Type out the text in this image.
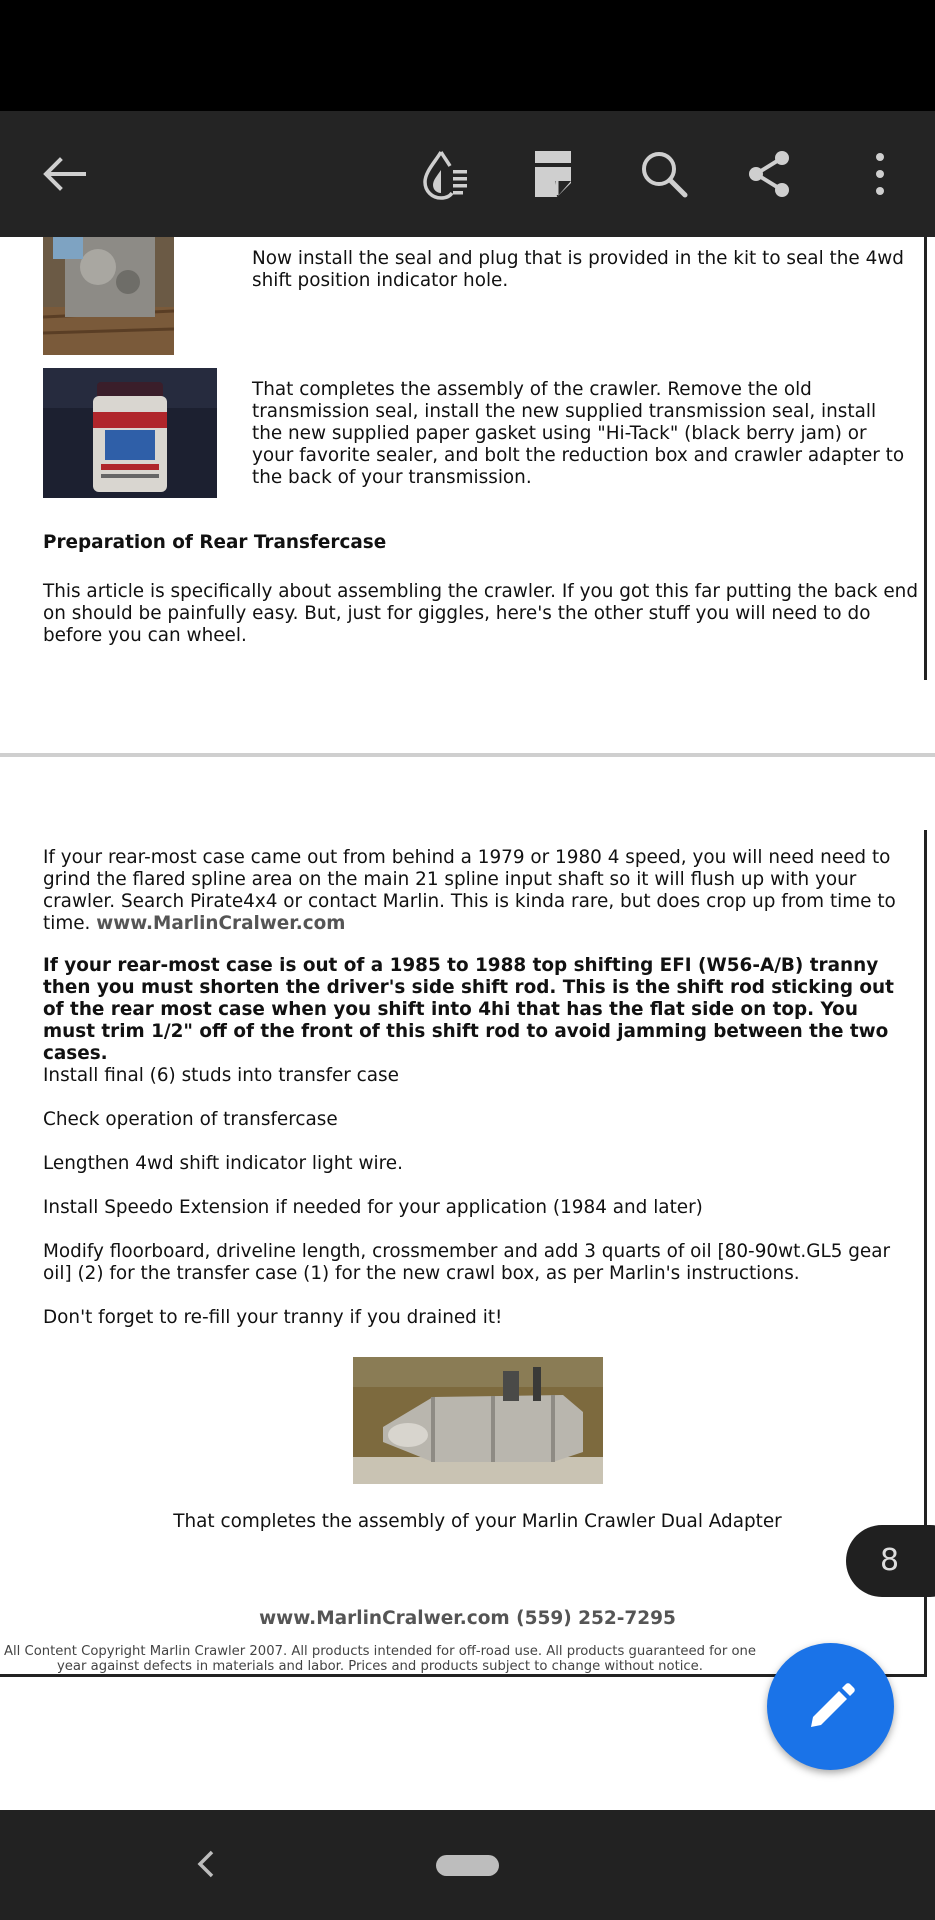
Now install the seal and plug that is provided in the kit to seal the 4wd shift position indicator hole.
That completes the assembly of the crawler. Remove the old transmission seal, install the new supplied transmission seal, install the new supplied paper gasket using "Hi-Tack" (black berry jam) or your favorite sealer, and bolt the reduction box and crawler adapter to the back of your transmission.
Preparation of Rear Transfercase
This article is specifically about assembling the crawler. If you got this far putting the back end on should be painfully easy. But, just for giggles, here's the other stuff you will need to do before you can wheel.
If your rear-most case came out from behind a 1979 or 1980 4 speed, you will need need to grind the flared spline area on the main 21 spline input shaft so it will flush up with your crawler. Search Pirate4x4 or contact Marlin. This is kinda rare, but does crop up from time to time. www.MarlinCralwer.com
If your rear-most case is out of a 1985 to 1988 top shifting EFI (W56-A/B) tranny then you must shorten the driver's side shift rod. This is the shift rod sticking out of the rear most case when you shift into 4hi that has the flat side on top. You must trim 1/2" off of the front of this shift rod to avoid jamming between the two cases.
Install final (6) studs into transfer case
Check operation of transfercase
Lengthen 4wd shift indicator light wire.
Install Speedo Extension if needed for your application (1984 and later)
Modify floorboard, driveline length, crossmember and add 3 quarts of oil [80-90wt.GL5 gear oil] (2) for the transfer case (1) for the new crawl box, as per Marlin's instructions.
Don't forget to re-fill your tranny if you drained it!
That completes the assembly of your Marlin Crawler Dual Adapter
www.MarlinCralwer.com (559) 252-7295
All Content Copyright Marlin Crawler 2007. All products intended for off-road use. All products guaranteed for one year against defects in materials and labor. Prices and products subject to change without notice.
8
